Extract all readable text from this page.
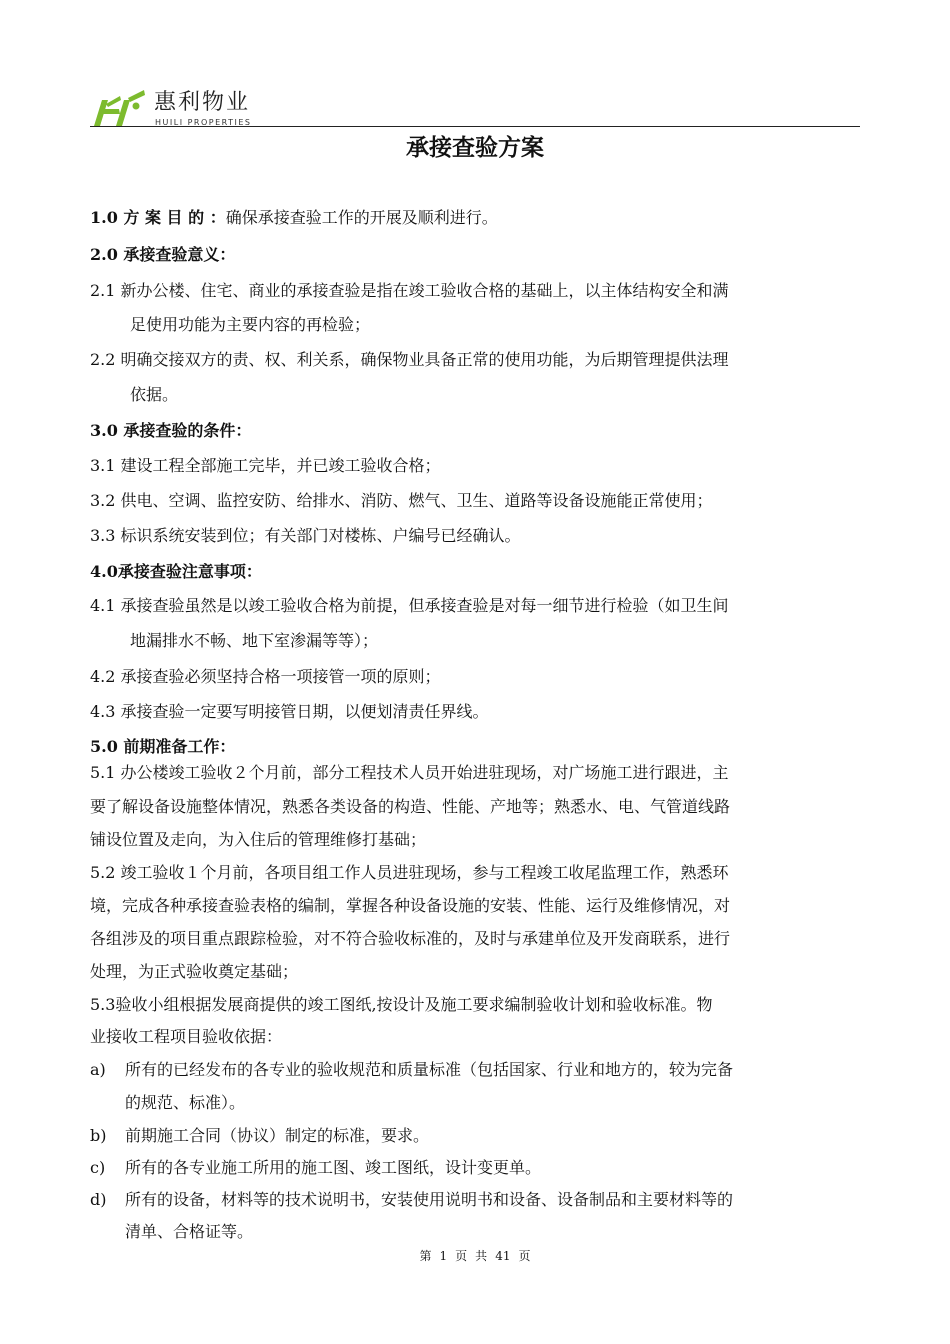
惠利物业
HUILI PROPERTIES
承接查验方案
1.0 方 案 目 的 ：确保承接查验工作的开展及顺利进行。
2.0 承接查验意义：
2.1 新办公楼、住宅、商业的承接查验是指在竣工验收合格的基础上，以主体结构安全和满
足使用功能为主要内容的再检验；
2.2 明确交接双方的责、权、利关系，确保物业具备正常的使用功能，为后期管理提供法理
依据。
3.0 承接查验的条件：
3.1 建设工程全部施工完毕，并已竣工验收合格；
3.2 供电、空调、监控安防、给排水、消防、燃气、卫生、道路等设备设施能正常使用；
3.3 标识系统安装到位；有关部门对楼栋、户编号已经确认。
4.0承接查验注意事项：
4.1 承接查验虽然是以竣工验收合格为前提，但承接查验是对每一细节进行检验（如卫生间
地漏排水不畅、地下室渗漏等等）；
4.2 承接查验必须坚持合格一项接管一项的原则；
4.3 承接查验一定要写明接管日期，以便划清责任界线。
5.0 前期准备工作：
5.1 办公楼竣工验收２个月前，部分工程技术人员开始进驻现场，对广场施工进行跟进，主
要了解设备设施整体情况，熟悉各类设备的构造、性能、产地等；熟悉水、电、气管道线路
铺设位置及走向，为入住后的管理维修打基础；
5.2 竣工验收１个月前，各项目组工作人员进驻现场，参与工程竣工收尾监理工作，熟悉环
境，完成各种承接查验表格的编制，掌握各种设备设施的安装、性能、运行及维修情况，对
各组涉及的项目重点跟踪检验，对不符合验收标准的，及时与承建单位及开发商联系，进行
处理，为正式验收奠定基础；
5.3验收小组根据发展商提供的竣工图纸,按设计及施工要求编制验收计划和验收标准。物
业接收工程项目验收依据：
a)	所有的已经发布的各专业的验收规范和质量标准（包括国家、行业和地方的，较为完备
的规范、标准）。
b)	前期施工合同（协议）制定的标准，要求。
c)	所有的各专业施工所用的施工图、竣工图纸，设计变更单。
d)	所有的设备，材料等的技术说明书，安装使用说明书和设备、设备制品和主要材料等的
清单、合格证等。
第 1 页 共 41 页
